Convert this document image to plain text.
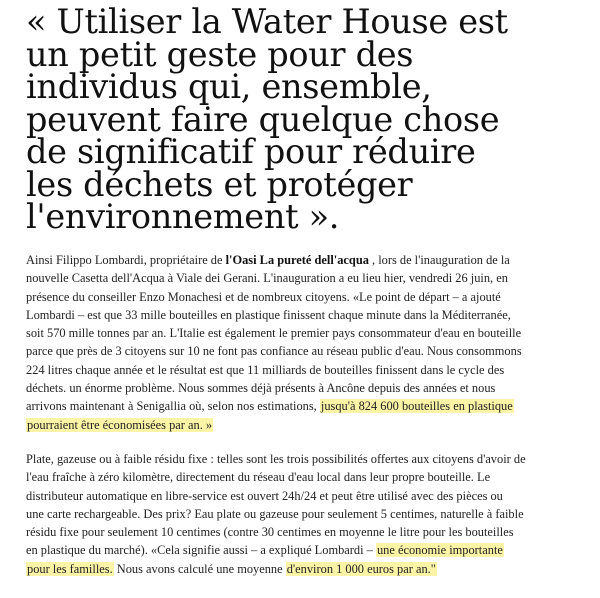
« Utiliser la Water House est
un petit geste pour des
individus qui, ensemble,
peuvent faire quelque chose
de significatif pour réduire
les déchets et protéger
l'environnement ».

Ainsi Filippo Lombardi, propriétaire de l'Oasi La pureté dell'acqua , lors de l'inauguration de la
nouvelle Casetta dell'Acqua à Viale dei Gerani. L'inauguration a eu lieu hier, vendredi 26 juin, en
présence du conseiller Enzo Monachesi et de nombreux citoyens. «Le point de départ – a ajouté
Lombardi – est que 33 mille bouteilles en plastique finissent chaque minute dans la Méditerranée,
soit 570 mille tonnes par an. L'Italie est également le premier pays consommateur d'eau en bouteille
parce que près de 3 citoyens sur 10 ne font pas confiance au réseau public d'eau. Nous consommons
224 litres chaque année et le résultat est que 11 milliards de bouteilles finissent dans le cycle des
déchets. un énorme problème. Nous sommes déjà présents à Ancône depuis des années et nous
arrivons maintenant à Senigallia où, selon nos estimations, jusqu'à 824 600 bouteilles en plastique
pourraient être économisées par an. »

Plate, gazeuse ou à faible résidu fixe : telles sont les trois possibilités offertes aux citoyens d'avoir de
l'eau fraîche à zéro kilomètre, directement du réseau d'eau local dans leur propre bouteille. Le
distributeur automatique en libre-service est ouvert 24h/24 et peut être utilisé avec des pièces ou
une carte rechargeable. Des prix? Eau plate ou gazeuse pour seulement 5 centimes, naturelle à faible
résidu fixe pour seulement 10 centimes (contre 30 centimes en moyenne le litre pour les bouteilles
en plastique du marché). «Cela signifie aussi – a expliqué Lombardi – une économie importante
pour les familles. Nous avons calculé une moyenne d'environ 1 000 euros par an."
